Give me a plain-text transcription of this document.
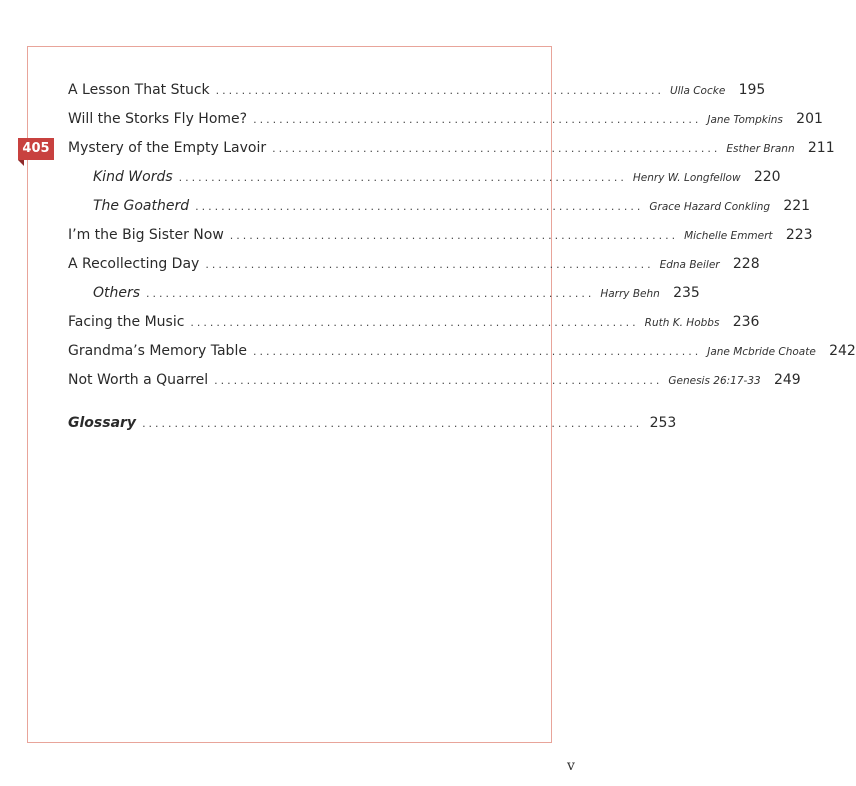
405
A Lesson That Stuck ..................................................................... Ulla Cocke 195
Will the Storks Fly Home? ..................................................................... Jane Tompkins 201
Mystery of the Empty Lavoir ..................................................................... Esther Brann 211
Kind Words ..................................................................... Henry W. Longfellow 220
The Goatherd ..................................................................... Grace Hazard Conkling 221
I’m the Big Sister Now ..................................................................... Michelle Emmert 223
A Recollecting Day ..................................................................... Edna Beiler 228
Others ..................................................................... Harry Behn 235
Facing the Music ..................................................................... Ruth K. Hobbs 236
Grandma’s Memory Table ..................................................................... Jane Mcbride Choate 242
Not Worth a Quarrel ..................................................................... Genesis 26:17-33 249
Glossary ............................................................................. 253
v
